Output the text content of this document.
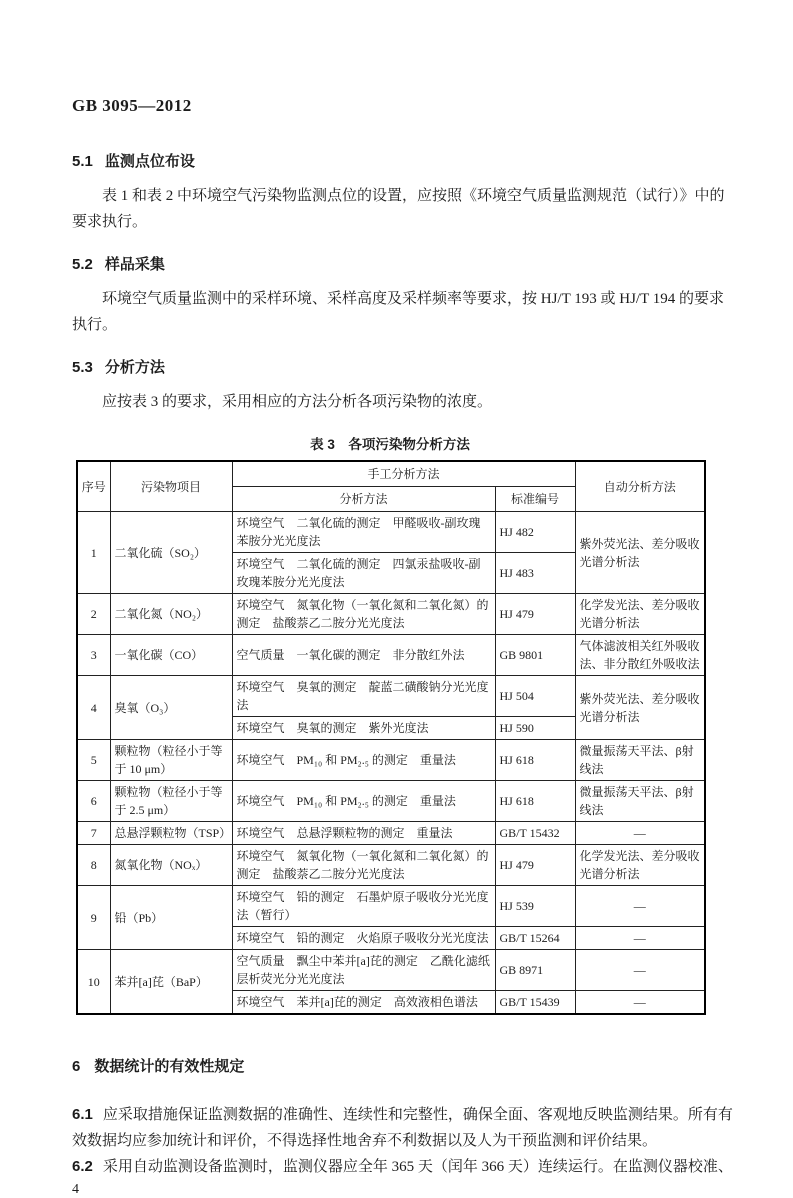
GB 3095—2012
5.1 监测点位布设

表 1 和表 2 中环境空气污染物监测点位的设置，应按照《环境空气质量监测规范（试行）》中的要求执行。

5.2 样品采集

环境空气质量监测中的采样环境、采样高度及采样频率等要求，按 HJ/T 193 或 HJ/T 194 的要求执行。

5.3 分析方法

应按表 3 的要求，采用相应的方法分析各项污染物的浓度。

表 3　各项污染物分析方法
序号	污染物项目	手工分析方法		自动分析方法
		分析方法	标准编号	
1	二氧化硫（SO₂）	环境空气　二氧化硫的测定　甲醛吸收-副玫瑰苯胺分光光度法	HJ 482	紫外荧光法、差分吸收光谱分析法
		环境空气　二氧化硫的测定　四氯汞盐吸收-副玫瑰苯胺分光光度法	HJ 483	
2	二氧化氮（NO₂）	环境空气　氮氧化物（一氧化氮和二氧化氮）的测定　盐酸萘乙二胺分光光度法	HJ 479	化学发光法、差分吸收光谱分析法
3	一氧化碳（CO）	空气质量　一氧化碳的测定　非分散红外法	GB 9801	气体滤波相关红外吸收法、非分散红外吸收法
4	臭氧（O₃）	环境空气　臭氧的测定　靛蓝二磺酸钠分光光度法	HJ 504	紫外荧光法、差分吸收光谱分析法
		环境空气　臭氧的测定　紫外光度法	HJ 590	
5	颗粒物（粒径小于等于 10 μm）	环境空气　PM₁₀ 和 PM₂.₅ 的测定　重量法	HJ 618	微量振荡天平法、β射线法
6	颗粒物（粒径小于等于 2.5 μm）	环境空气　PM₁₀ 和 PM₂.₅ 的测定　重量法	HJ 618	微量振荡天平法、β射线法
7	总悬浮颗粒物（TSP）	环境空气　总悬浮颗粒物的测定　重量法	GB/T 15432	—
8	氮氧化物（NOₓ）	环境空气　氮氧化物（一氧化氮和二氧化氮）的测定　盐酸萘乙二胺分光光度法	HJ 479	化学发光法、差分吸收光谱分析法
9	铅（Pb）	环境空气　铅的测定　石墨炉原子吸收分光光度法（暂行）	HJ 539	—
		环境空气　铅的测定　火焰原子吸收分光光度法	GB/T 15264	—
10	苯并[a]芘（BaP）	空气质量　飘尘中苯并[a]芘的测定　乙酰化滤纸层析荧光分光光度法	GB 8971	—
		环境空气　苯并[a]芘的测定　高效液相色谱法	GB/T 15439	—
6 数据统计的有效性规定

6.1 应采取措施保证监测数据的准确性、连续性和完整性，确保全面、客观地反映监测结果。所有有效数据均应参加统计和评价，不得选择性地舍弃不利数据以及人为干预监测和评价结果。

6.2 采用自动监测设备监测时，监测仪器应全年 365 天（闰年 366 天）连续运行。在监测仪器校准、

4
